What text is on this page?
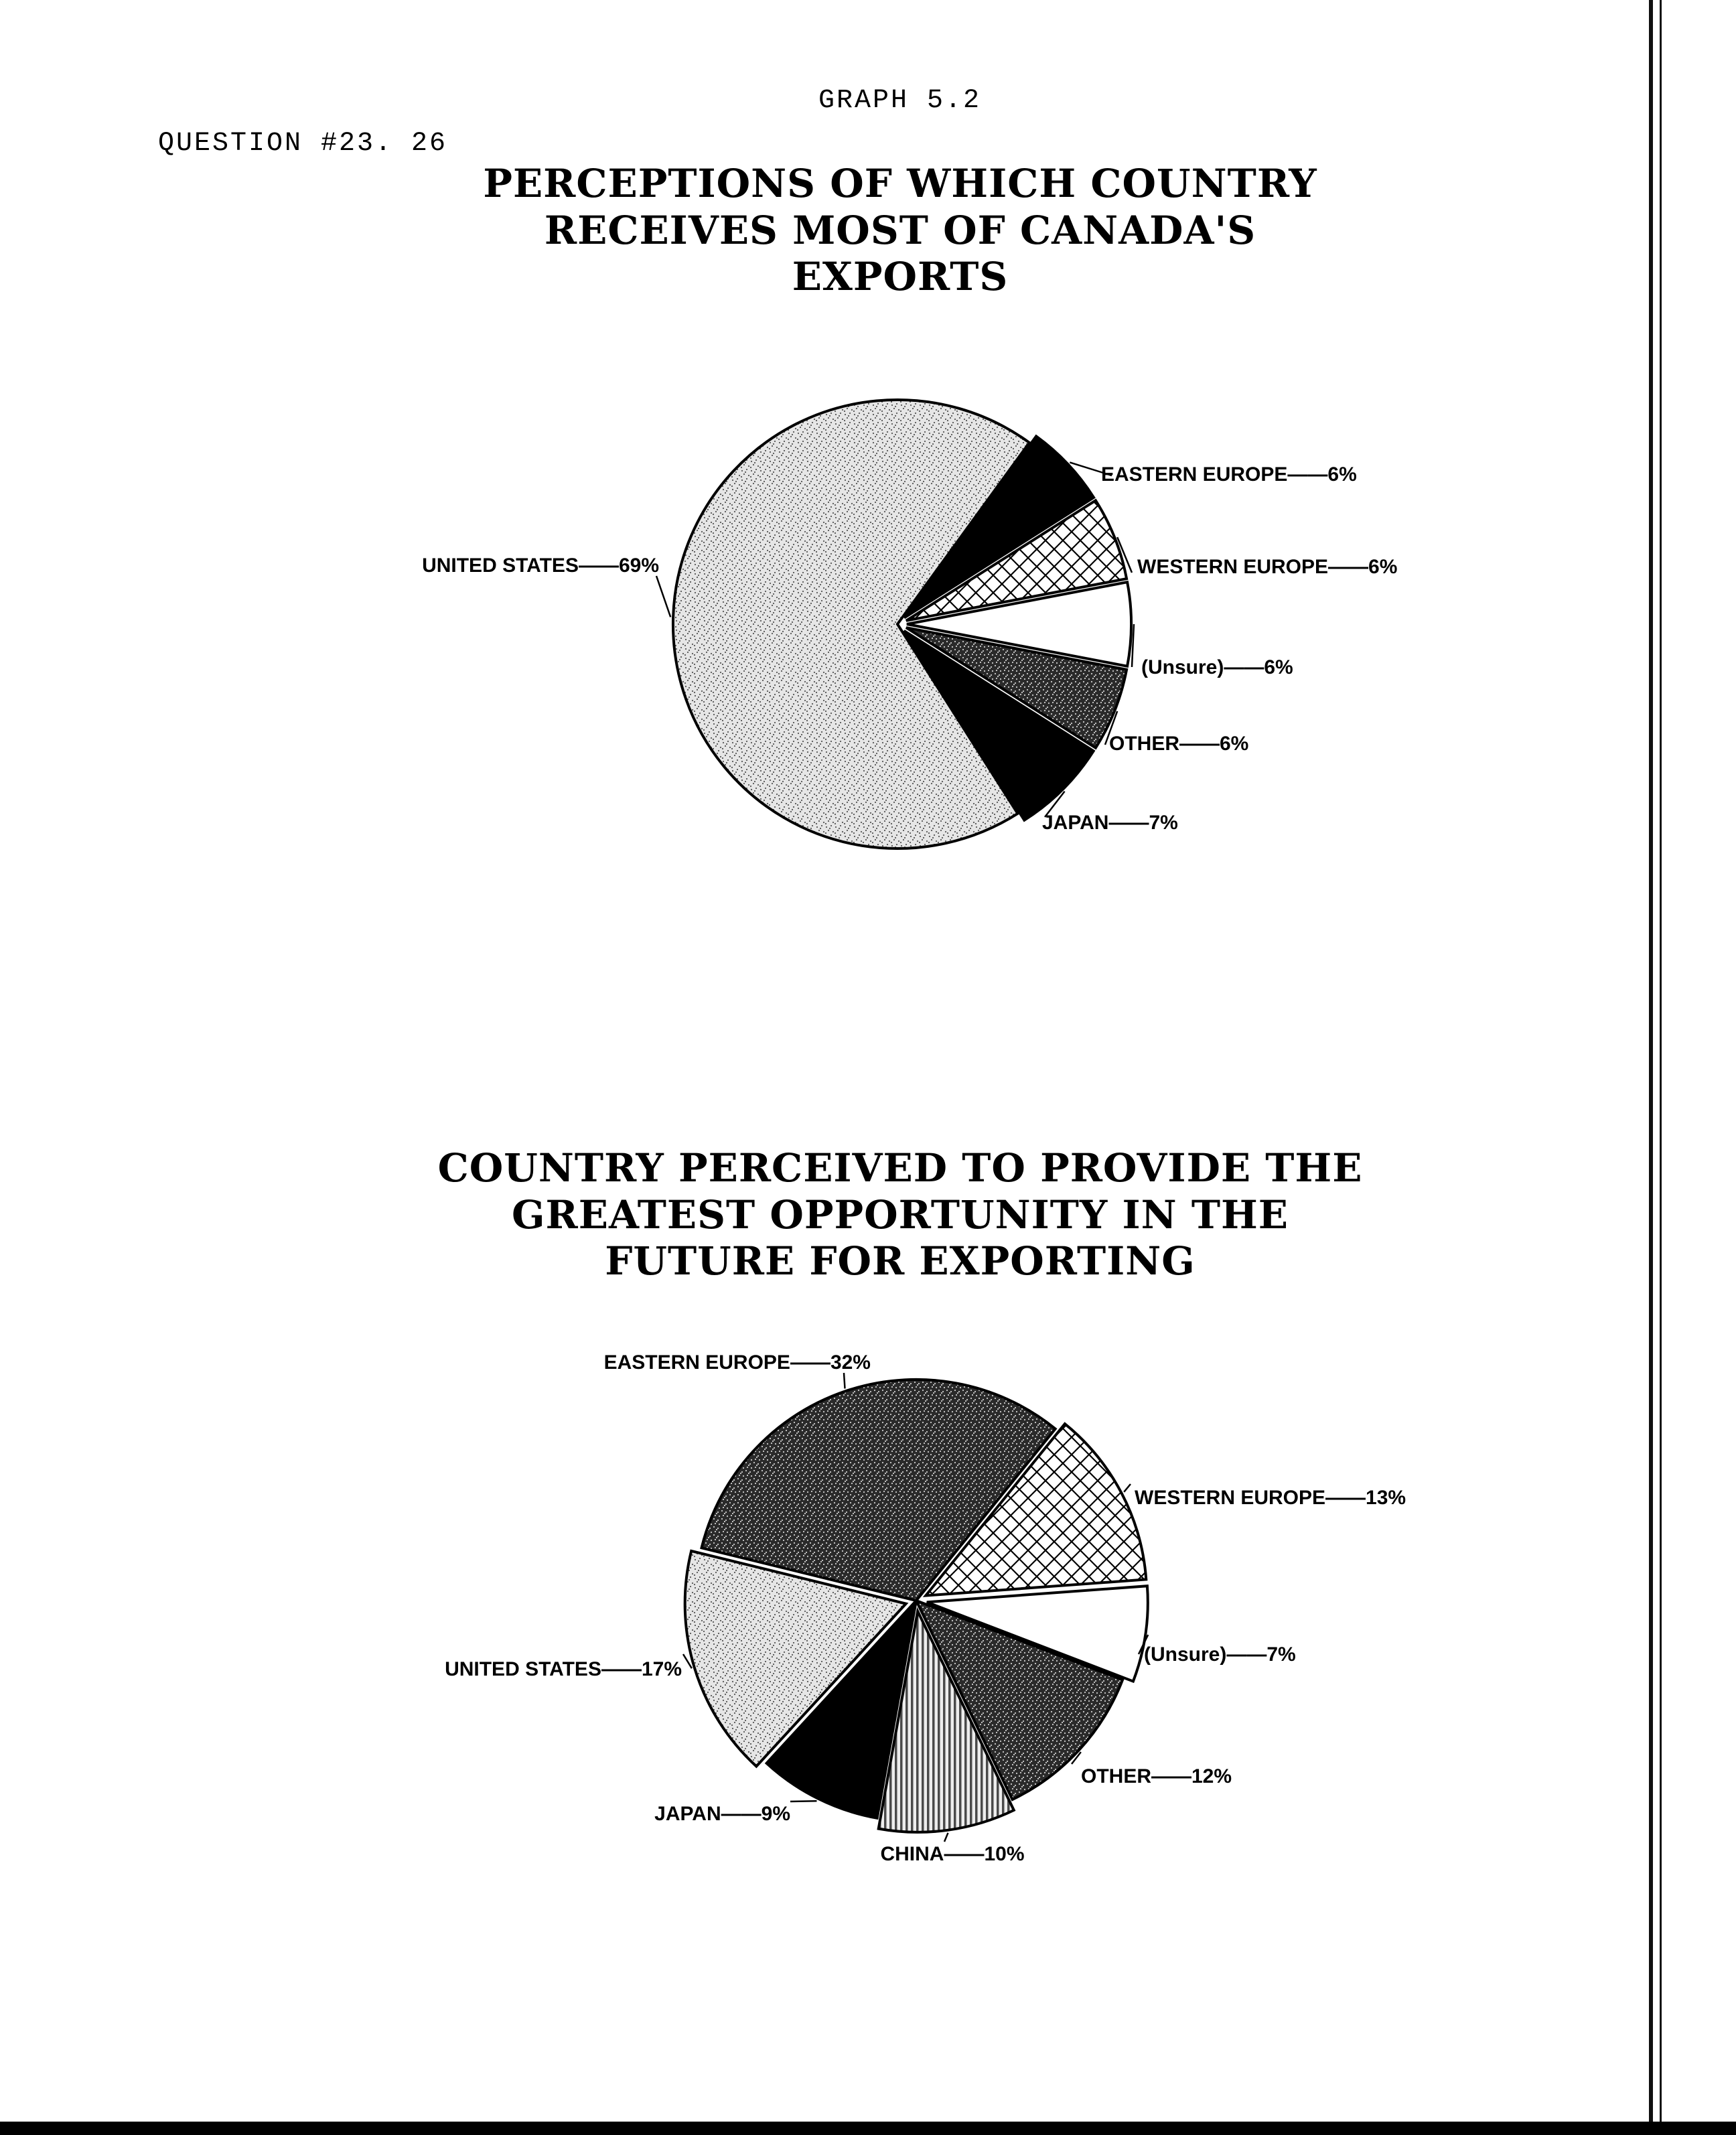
GRAPH 5.2
QUESTION #23. 26
PERCEPTIONS OF WHICH COUNTRY
RECEIVES MOST OF CANADA'S EXPORTS
EASTERN EUROPE——6%
WESTERN EUROPE——6%
(Unsure)——6%
OTHER——6%
JAPAN——7%
UNITED STATES——69%
COUNTRY PERCEIVED TO PROVIDE THE
GREATEST OPPORTUNITY IN THE
FUTURE FOR EXPORTING
WESTERN EUROPE——13%
(Unsure)——7%
OTHER——12%
CHINA——10%
JAPAN——9%
UNITED STATES——17%
EASTERN EUROPE——32%
